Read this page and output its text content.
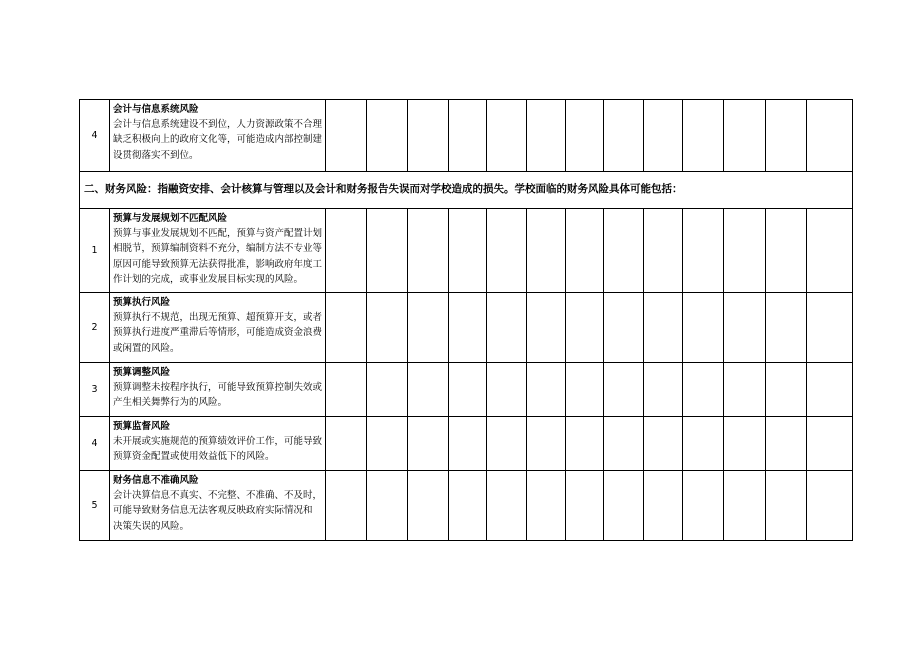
4	会计与信息系统风险
会计与信息系统建设不到位，人力资源政策不合理
缺乏积极向上的政府文化等，可能造成内部控制建
设贯彻落实不到位。													

二、财务风险：指融资安排、会计核算与管理以及会计和财务报告失误而对学校造成的损失。学校面临的财务风险具体可能包括：														
1	预算与发展规划不匹配风险
预算与事业发展规划不匹配，预算与资产配置计划
相脱节，预算编制资料不充分，编制方法不专业等
原因可能导致预算无法获得批准，影响政府年度工
作计划的完成，或事业发展目标实现的风险。													

2	预算执行风险
预算执行不规范，出现无预算、超预算开支，或者
预算执行进度严重滞后等情形，可能造成资金浪费
或闲置的风险。													

3	预算调整风险
预算调整未按程序执行，可能导致预算控制失效或
产生相关舞弊行为的风险。													

4	预算监督风险
未开展或实施规范的预算绩效评价工作，可能导致
预算资金配置或使用效益低下的风险。													

5	财务信息不准确风险
会计决算信息不真实、不完整、不准确、不及时，
可能导致财务信息无法客观反映政府实际情况和
决策失误的风险。													
